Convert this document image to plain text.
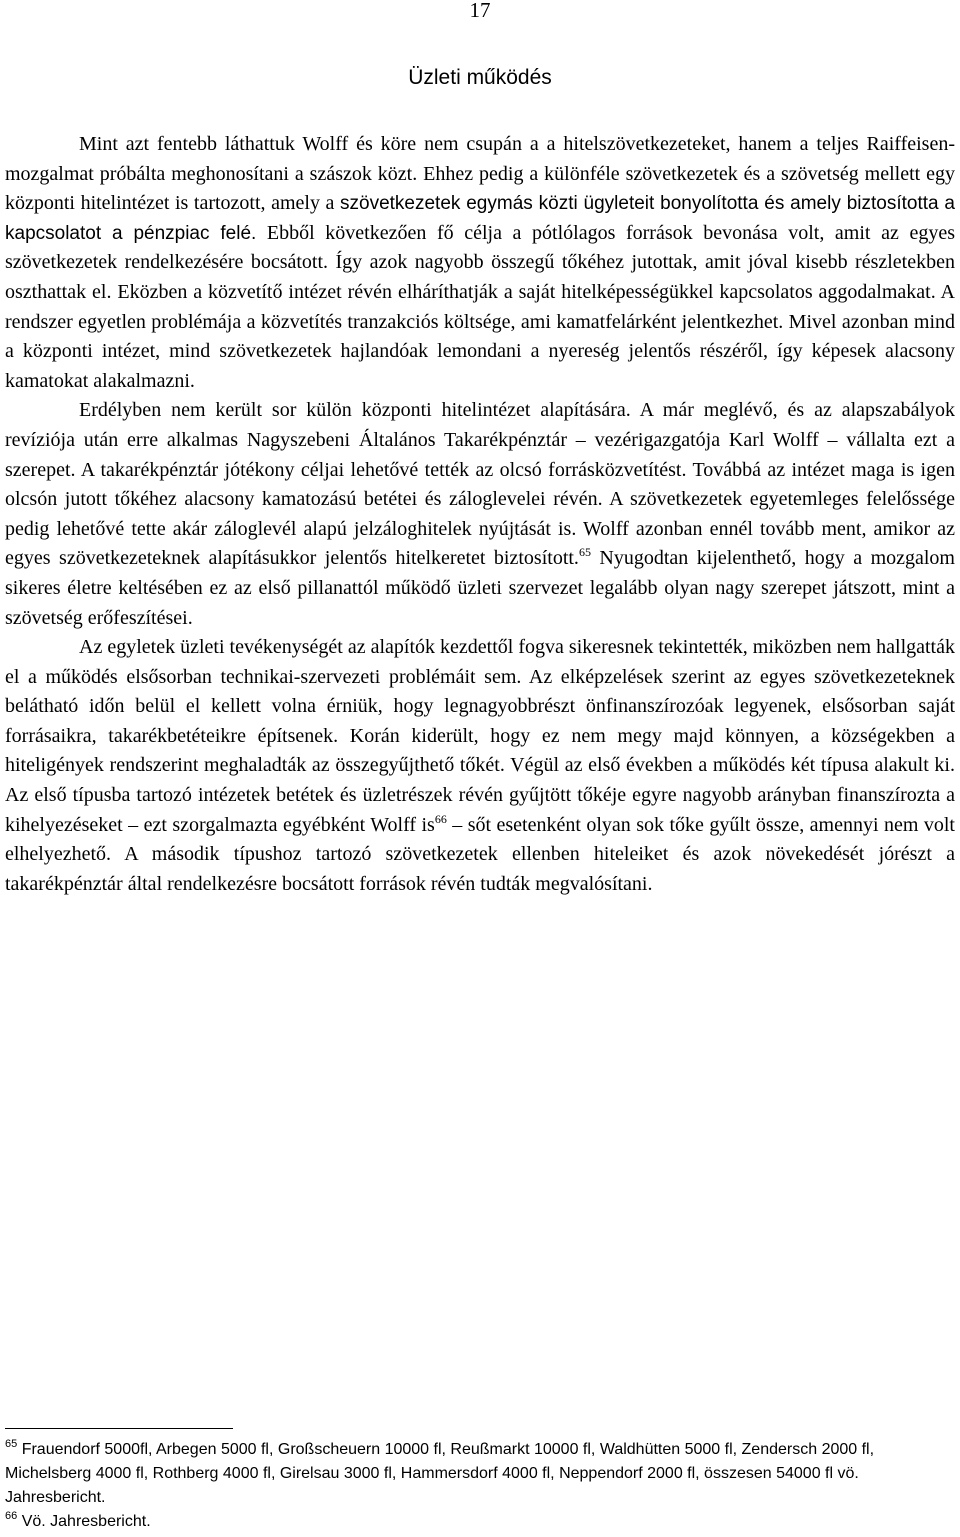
17
Üzleti működés

Mint azt fentebb láthattuk Wolff és köre nem csupán a a hitelszövetkezeteket, hanem a teljes Raiffeisen-mozgalmat próbálta meghonosítani a szászok közt. Ehhez pedig a különféle szövetkezetek és a szövetség mellett egy központi hitelintézet is tartozott, amely a szövetkezetek egymás közti ügyleteit bonyolította és amely biztosította a kapcsolatot a pénzpiac felé. Ebből következően fő célja a pótlólagos források bevonása volt, amit az egyes szövetkezetek rendelkezésére bocsátott. Így azok nagyobb összegű tőkéhez jutottak, amit jóval kisebb részletekben oszthattak el. Eközben a közvetítő intézet révén elháríthatják a saját hitelképességükkel kapcsolatos aggodalmakat. A rendszer egyetlen problémája a közvetítés tranzakciós költsége, ami kamatfelárként jelentkezhet. Mivel azonban mind a központi intézet, mind szövetkezetek hajlandóak lemondani a nyereség jelentős részéről, így képesek alacsony kamatokat alakalmazni.

Erdélyben nem került sor külön központi hitelintézet alapítására. A már meglévő, és az alapszabályok revíziója után erre alkalmas Nagyszebeni Általános Takarékpénztár – vezérigazgatója Karl Wolff – vállalta ezt a szerepet. A takarékpénztár jótékony céljai lehetővé tették az olcsó forrásközvetítést. Továbbá az intézet maga is igen olcsón jutott tőkéhez alacsony kamatozású betétei és záloglevelei révén. A szövetkezetek egyetemleges felelőssége pedig lehetővé tette akár záloglevél alapú jelzáloghitelek nyújtását is. Wolff azonban ennél tovább ment, amikor az egyes szövetkezeteknek alapításukkor jelentős hitelkeretet biztosított.$^{65}$ Nyugodtan kijelenthető, hogy a mozgalom sikeres életre keltésében ez az első pillanattól működő üzleti szervezet legalább olyan nagy szerepet játszott, mint a szövetség erőfeszítései.

Az egyletek üzleti tevékenységét az alapítók kezdettől fogva sikeresnek tekintették, miközben nem hallgatták el a működés elsősorban technikai-szervezeti problémáit sem. Az elképzelések szerint az egyes szövetkezeteknek belátható időn belül el kellett volna érniük, hogy legnagyobbrészt önfinanszírozóak legyenek, elsősorban saját forrásaikra, takarékbetéteikre építsenek. Korán kiderült, hogy ez nem megy majd könnyen, a községekben a hiteligények rendszerint meghaladták az összegyűjthető tőkét. Végül az első években a működés két típusa alakult ki. Az első típusba tartozó intézetek betétek és üzletrészek révén gyűjtött tőkéje egyre nagyobb arányban finanszírozta a kihelyezéseket – ezt szorgalmazta egyébként Wolff $is^{66}$ – sőt esetenként olyan sok tőke gyűlt össze, amennyi nem volt elhelyezhető. A második típushoz tartozó szövetkezetek ellenben hiteleiket és azok növekedését jórészt a takarékpénztár által rendelkezésre bocsátott források révén tudták megvalósítani.

$^{65}$ Frauendorf 5000fl, Arbegen 5000 fl, Großscheuern 10000 fl, Reußmarkt 10000 fl, Waldhütten 5000 fl, Zendersch 2000 fl, Michelsberg 4000 fl, Rothberg 4000 fl, Girelsau 3000 fl, Hammersdorf 4000 fl, Neppendorf 2000 fl, összesen 54000 fl vö. Jahresbericht.

$^{66}$ Vö. Jahresbericht.
